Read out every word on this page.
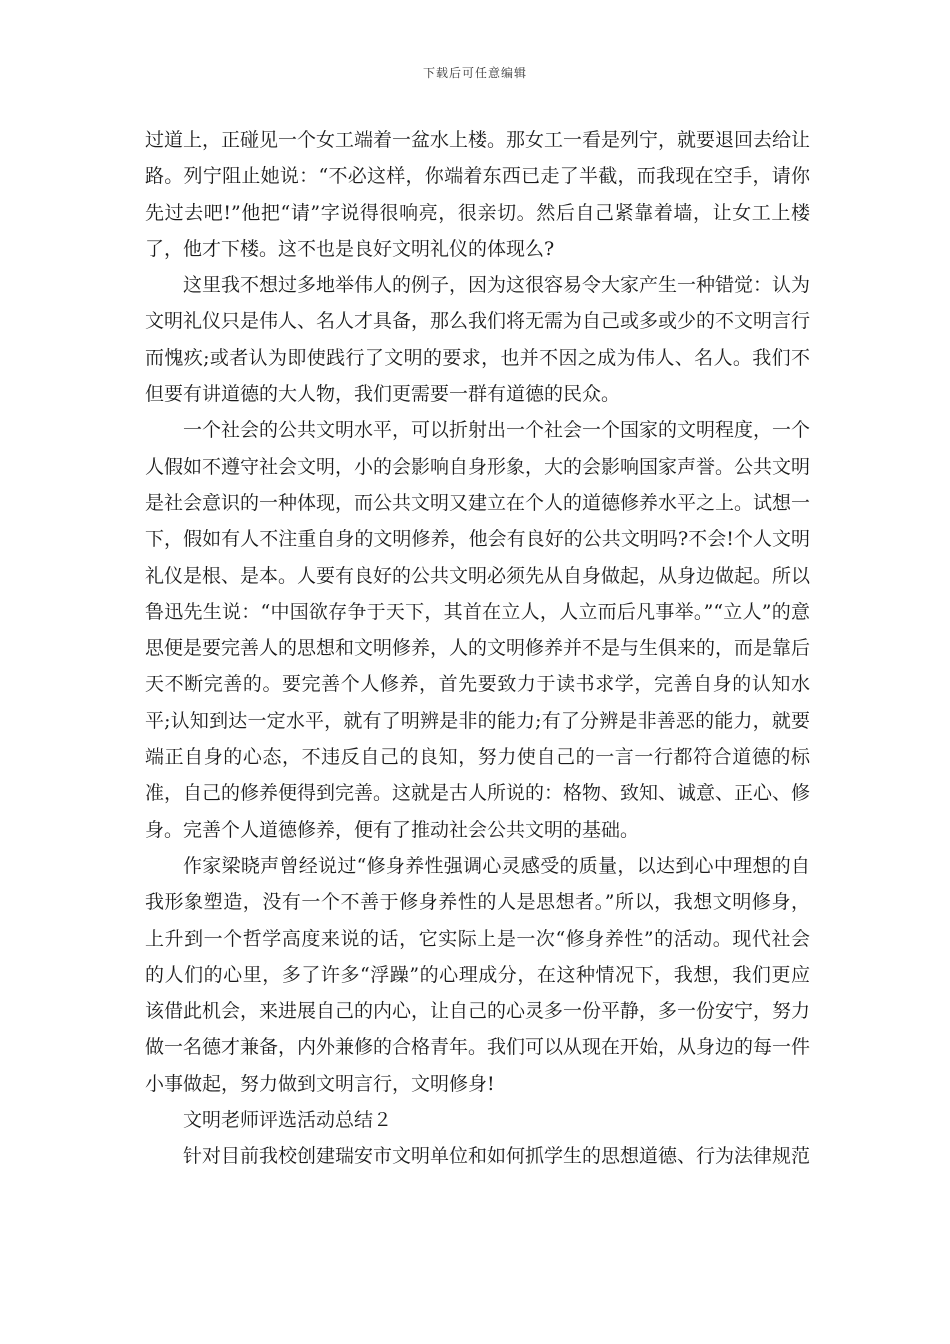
下载后可任意编辑

过道上，正碰见一个女工端着一盆水上楼。那女工一看是列宁，就要退回去给让路。列宁阻止她说：“不必这样，你端着东西已走了半截，而我现在空手，请你先过去吧!”他把“请”字说得很响亮，很亲切。然后自己紧靠着墙，让女工上楼了，他才下楼。这不也是良好文明礼仪的体现么?

这里我不想过多地举伟人的例子，因为这很容易令大家产生一种错觉：认为文明礼仪只是伟人、名人才具备，那么我们将无需为自己或多或少的不文明言行而愧疚;或者认为即使践行了文明的要求，也并不因之成为伟人、名人。我们不但要有讲道德的大人物，我们更需要一群有道德的民众。

一个社会的公共文明水平，可以折射出一个社会一个国家的文明程度，一个人假如不遵守社会文明，小的会影响自身形象，大的会影响国家声誉。公共文明是社会意识的一种体现，而公共文明又建立在个人的道德修养水平之上。试想一下，假如有人不注重自身的文明修养，他会有良好的公共文明吗?不会!个人文明礼仪是根、是本。人要有良好的公共文明必须先从自身做起，从身边做起。所以鲁迅先生说：“中国欲存争于天下，其首在立人，人立而后凡事举。”“立人”的意思便是要完善人的思想和文明修养，人的文明修养并不是与生俱来的，而是靠后天不断完善的。要完善个人修养，首先要致力于读书求学，完善自身的认知水平;认知到达一定水平，就有了明辨是非的能力;有了分辨是非善恶的能力，就要端正自身的心态，不违反自己的良知，努力使自己的一言一行都符合道德的标准，自己的修养便得到完善。这就是古人所说的：格物、致知、诚意、正心、修身。完善个人道德修养，便有了推动社会公共文明的基础。

作家梁晓声曾经说过“修身养性强调心灵感受的质量，以达到心中理想的自我形象塑造，没有一个不善于修身养性的人是思想者。”所以，我想文明修身，上升到一个哲学高度来说的话，它实际上是一次“修身养性”的活动。现代社会的人们的心里，多了许多“浮躁”的心理成分，在这种情况下，我想，我们更应该借此机会，来进展自己的内心，让自己的心灵多一份平静，多一份安宁，努力做一名德才兼备，内外兼修的合格青年。我们可以从现在开始，从身边的每一件小事做起，努力做到文明言行，文明修身!

文明老师评选活动总结２

针对目前我校创建瑞安市文明单位和如何抓学生的思想道德、行为法律规范
